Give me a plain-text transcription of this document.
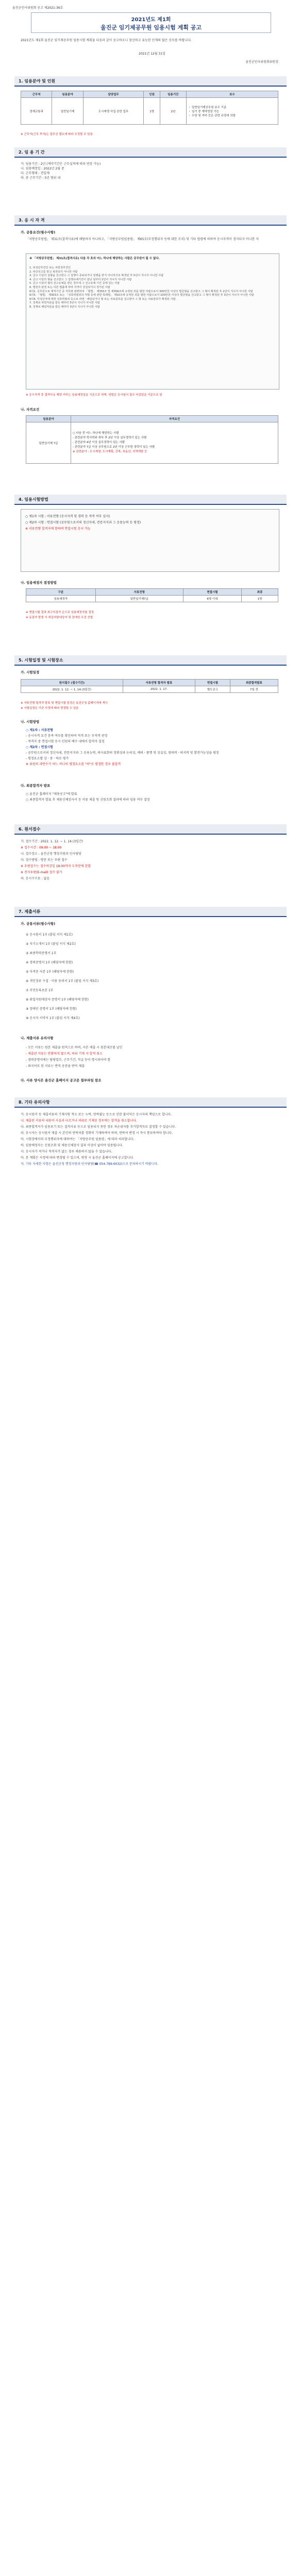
울진군인사위원회 공고 제2021-36호
2021년도 제1회
울진군 임기제공무원 임용시험 계획 공고
2021년도 제1회 울진군 임기제공무원 임용시험 계획을 다음과 같이 공고하오니 참신하고 유능한 인재의 많은 응모를 바랍니다.
2021년 12월 31일
울진군인사위원회위원장
1. 임용분야 및 인원
근무처	임용분야	담당업무	인원	임용기간	보수
경제교통과	일반임기제	도시재생 사업 관련 업무	1명	2년	・ 일반임기제공무원 보수 기준
・ 임기 중 계약연장 가능
・ 수당 및 여비 등은 관련 규정에 의함
※ 근무지(근무 부서)는 업무상 필요에 따라 조정될 수 있음
2. 임 용 기 간
가. 임용기간 : 2년 (계약기간은 근무실적에 따라 연장 가능)
나. 임용예정일 : 2022년 2월 중
다. 근무형태 : 전일제
라. 총 근무기간 : 5년 범위 내
3. 응 시 자 격
가. 공통요건(필수사항)
「지방공무원법」 제31조(결격사유)에 해당하지 아니하고, 「지방공무원임용령」 제65조(부정행위자 등에 대한 조치) 및 기타 법령에 의하여 응시자격이 정지되지 아니한 자
※ 「지방공무원법」 제31조(결격사유) 다음 각 호의 어느 하나에 해당하는 사람은 공무원이 될 수 없다.
1. 피성년후견인 또는 피한정후견인
2. 파산선고를 받고 복권되지 아니한 사람
3. 금고 이상의 실형을 선고받고 그 집행이 종료되거나 집행을 받지 아니하기로 확정된 후 5년이 지나지 아니한 사람
4. 금고 이상의 형을 선고받고 그 집행유예기간이 끝난 날부터 2년이 지나지 아니한 사람
5. 금고 이상의 형의 선고유예를 받은 경우에 그 선고유예 기간 중에 있는 사람
6. 법원의 판결 또는 다른 법률에 따라 자격이 상실되거나 정지된 사람
6의2. 공무원으로 재직기간 중 직무와 관련하여 「형법」 제355조 및 제356조에 규정된 죄를 범한 사람으로서 300만원 이상의 벌금형을 선고받고 그 형이 확정된 후 2년이 지나지 아니한 사람
6의3. 「형법」 제303조 또는 「성폭력범죄의 처벌 등에 관한 특례법」 제10조에 규정된 죄를 범한 사람으로서 100만원 이상의 벌금형을 선고받고 그 형이 확정된 후 3년이 지나지 아니한 사람
6의4. 미성년자에 대한 성폭력범죄 등으로 파면ㆍ해임되거나 형 또는 치료감호를 선고받아 그 형 또는 치료감호가 확정된 사람
7. 징계로 파면처분을 받은 때부터 5년이 지나지 아니한 사람
8. 징계로 해임처분을 받은 때부터 3년이 지나지 아니한 사람
※ 응시자격 중 결격사유 해당 여부는 임용예정일을 기준으로 하며, 연령은 응시원서 접수 마감일을 기준으로 함
나. 자격요건
임용분야	자격요건
일반임기제 7급	○ 다음 중 어느 하나에 해당하는 사람
- 관련분야 학사학위 취득 후 2년 이상 실무경력이 있는 사람
- 관련분야 4년 이상 실무경력이 있는 사람
- 관련분야 7급 이상 공무원으로 2년 이상 근무한 경력이 있는 사람
※ 관련분야 : 도시재생, 도시계획, 건축, 부동산, 지역개발 등
4. 임용시험방법
○ 제1차 시험 : 서류전형 (응시자격 및 경력 등 적격 여부 심사)
○ 제2차 시험 : 면접시험 (공무원으로서의 정신자세, 전문지식과 그 응용능력 등 평정)
※ 서류전형 합격자에 한하여 면접시험 응시 가능
나. 임용예정자 결정방법
구분	서류전형	면접시험	최종
임용예정자	일반임기제7급	6명 이내	1명
※ 면접시험 결과 최고득점자 순으로 임용예정자를 결정
※ 동점자 발생 시 취업지원대상자 및 장애인 우선 선발
5. 시험일정 및 시험장소
가. 시험일정
원서접수 (접수기간)	서류전형 합격자 발표	면접시험	최종합격발표
2022. 1. 12. ~ 1. 14.(3일간)	2022. 1. 17.	별도공고	7일 전
※ 서류전형 합격자 발표 및 면접시험 일정은 울진군청 홈페이지에 게시
※ 시험일정은 기관 사정에 따라 변경될 수 있음
나. 시험방법
○ 제1차 : 서류전형
- 응시자격 요건 충족 여부를 확인하여 적격 또는 부적격 판정
- 적격자 중 면접시험 응시 인원의 배수 내에서 합격자 결정
○ 제2차 : 면접시험
- 공무원으로서의 정신자세, 전문지식과 그 응용능력, 의사표현의 정확성과 논리성, 예의ㆍ품행 및 성실성, 창의력ㆍ의지력 및 발전가능성을 평정
- 평정요소별 상ㆍ중ㆍ하로 평가
※ 위원의 과반수가 어느 하나의 평정요소를 "하"로 평정한 경우 불합격
다. 최종합격자 발표
○ 울진군 홈페이지 "채용공고"에 발표
○ 최종합격자 발표 후 채용신체검사서 등 서류 제출 및 신원조회 결과에 따라 임용 여부 결정
6. 원서접수
가. 접수기간 : 2022. 1. 12. ~ 1. 14.(3일간)
※ 접수시간 : 09:00 ~ 18:00
나. 접수장소 : 울진군청 행정지원과 인사담당
다. 접수방법 : 방문 또는 우편 접수
※ 우편접수는 접수마감일 18:00까지 도착분에 한함
※ 전자우편(E-mail) 접수 불가
라. 응시수수료 : 없음
7. 제출서류
가. 공통서류(필수사항)
① 응시원서 1부 (붙임 서식 제1호)
② 자기소개서 1부 (붙임 서식 제2호)
③ 최종학력증명서 1부
④ 경력증명서 1부 (해당자에 한함)
⑤ 자격증 사본 1부 (해당자에 한함)
⑥ 개인정보 수집ㆍ이용 동의서 1부 (붙임 서식 제3호)
⑦ 주민등록초본 1부
⑧ 취업지원대상자 증명서 1부 (해당자에 한함)
⑨ 장애인 증명서 1부 (해당자에 한함)
⑩ 응시자 서약서 1부 (붙임 서식 제4호)
나. 제출서류 유의사항
- 모든 서류는 원본 제출을 원칙으로 하며, 사본 제출 시 원본대조필 날인
- 제출된 서류는 반환하지 않으며, 허위 기재 시 합격 취소
- 경력증명서에는 담당업무, 근무기간, 직급 등이 명시되어야 함
- 외국어로 된 서류는 번역 공증을 받아 제출
다. 서류 양식은 울진군 홈페이지 공고문 첨부파일 참조
8. 기타 유의사항
가. 응시원서 등 제출서류의 기재사항 착오 또는 누락, 연락불능 등으로 인한 불이익은 응시자의 책임으로 합니다.
나. 제출된 서류의 내용이 사실과 다르거나 허위로 기재된 경우에는 합격을 취소합니다.
다. 최종합격자가 임용포기 또는 결격사유 등으로 임용되지 못한 경우 차순위자를 추가합격자로 결정할 수 있습니다.
라. 응시자는 응시원서 제출 시 본인의 연락처를 정확히 기재하여야 하며, 연락처 변경 시 즉시 통보하여야 합니다.
마. 시험장에서의 부정행위자에 대하여는 「지방공무원 임용령」에 따라 처리합니다.
바. 임용예정자는 신원조회 및 채용신체검사 결과 이상이 없어야 임용됩니다.
사. 응시자가 적거나 적격자가 없는 경우 채용하지 않을 수 있습니다.
아. 본 계획은 사정에 따라 변경될 수 있으며, 변경 시 울진군 홈페이지에 공고합니다.
자. 기타 자세한 사항은 울진군청 행정지원과 인사담당(☎ 054-789-6032)으로 문의하시기 바랍니다.
